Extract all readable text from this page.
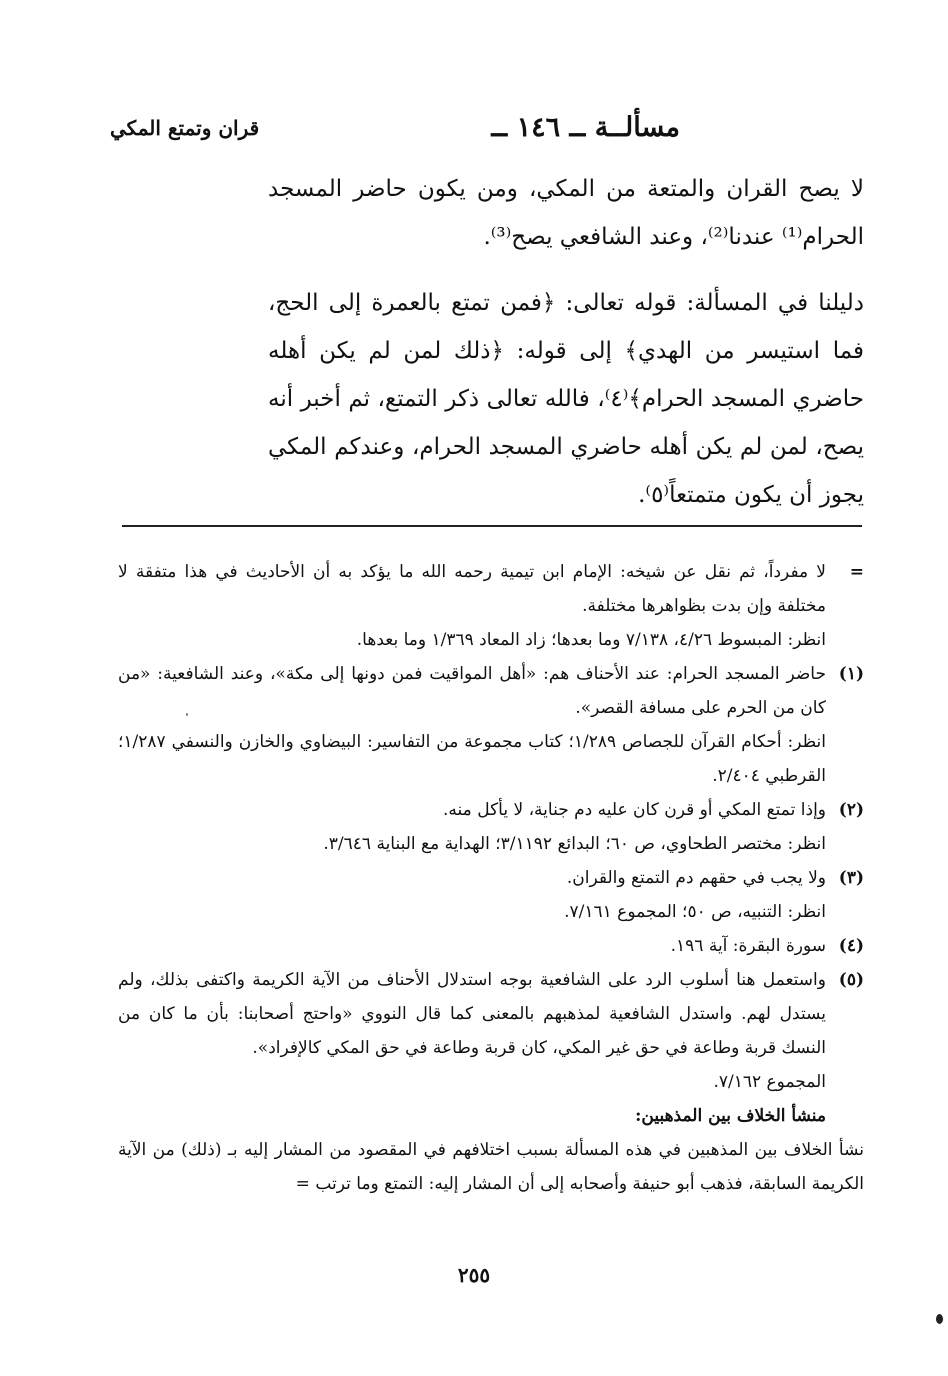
مسألــة ــ ١٤٦ ــ
قران وتمتع المكي

لا يصح القران والمتعة من المكي، ومن يكون حاضر المسجد الحرام⁽¹⁾ عندنا⁽²⁾، وعند الشافعي يصح⁽³⁾.

دليلنا في المسألة: قوله تعالى: ﴿فمن تمتع بالعمرة إلى الحج، فما استيسر من الهدي﴾ إلى قوله: ﴿ذلك لمن لم يكن أهله حاضري المسجد الحرام﴾⁽٤⁾، فالله تعالى ذكر التمتع، ثم أخبر أنه يصح، لمن لم يكن أهله حاضري المسجد الحرام، وعندكم المكي يجوز أن يكون متمتعاً⁽٥⁾.

=
لا مفرداً، ثم نقل عن شيخه: الإمام ابن تيمية رحمه الله ما يؤكد به أن الأحاديث في هذا متفقة لا مختلفة وإن بدت بظواهرها مختلفة.
انظر: المبسوط ٤/٢٦، ٧/١٣٨ وما بعدها؛ زاد المعاد ١/٣٦٩ وما بعدها.
(١)
حاضر المسجد الحرام: عند الأحناف هم: «أهل المواقيت فمن دونها إلى مكة»، وعند الشافعية: «من كان من الحرم على مسافة القصر».
انظر: أحكام القرآن للجصاص ١/٢٨٩؛ كتاب مجموعة من التفاسير: البيضاوي والخازن والنسفي ١/٢٨٧؛ القرطبي ٢/٤٠٤.
(٢)
وإذا تمتع المكي أو قرن كان عليه دم جناية، لا يأكل منه.
انظر: مختصر الطحاوي، ص ٦٠؛ البدائع ٣/١١٩٢؛ الهداية مع البناية ٣/٦٤٦.
(٣)
ولا يجب في حقهم دم التمتع والقران.
انظر: التنبيه، ص ٥٠؛ المجموع ٧/١٦١.
(٤)
سورة البقرة: آية ١٩٦.
(٥)
واستعمل هنا أسلوب الرد على الشافعية بوجه استدلال الأحناف من الآية الكريمة واكتفى بذلك، ولم يستدل لهم. واستدل الشافعية لمذهبهم بالمعنى كما قال النووي «واحتج أصحابنا: بأن ما كان من النسك قربة وطاعة في حق غير المكي، كان قربة وطاعة في حق المكي كالإفراد».
المجموع ٧/١٦٢.
منشأ الخلاف بين المذهبين:
نشأ الخلاف بين المذهبين في هذه المسألة بسبب اختلافهم في المقصود من المشار إليه بـ (ذلك) من الآية الكريمة السابقة، فذهب أبو حنيفة وأصحابه إلى أن المشار إليه: التمتع وما ترتب =
٢٥٥
